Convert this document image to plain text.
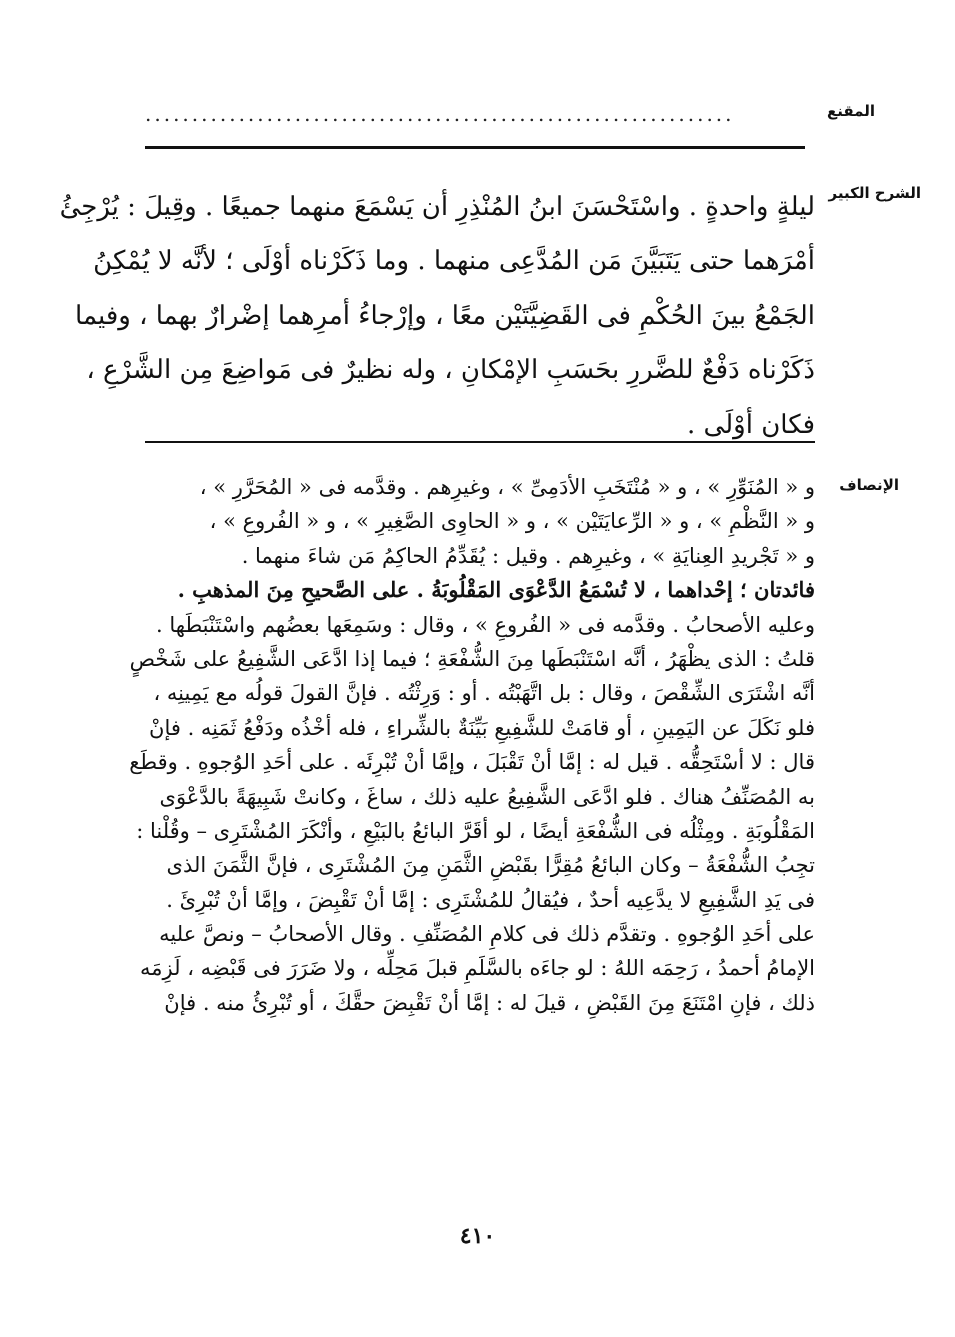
المقنع
...............................................................
الشرح الكبير
ليلةٍ واحدةٍ . واسْتَحْسَنَ ابنُ المُنْذِرِ أن يَسْمَعَ منهما جميعًا . وقِيلَ : يُرْجِئُ
أمْرَهما حتى يَتَبَيَّنَ مَن المُدَّعِى منهما . وما ذَكَرْناه أوْلَى ؛ لأنَّه لا يُمْكِنُ
الجَمْعُ بينَ الحُكْمِ فى القَضِيَّتَيْن معًا ، وإرْجاءُ أمرِهما إضْرارٌ بهما ، وفيما
ذَكَرْناه دَفْعٌ للضَّررِ بحَسَبِ الإمْكانِ ، وله نظيرٌ فى مَواضِعَ مِن الشَّرْعِ ،
فكان أوْلَى .
الإنصاف
و « المُنَوِّرِ » ، و « مُنْتَخَبِ الأدَمِىِّ » ، وغيرِهم . وقدَّمه فى « المُحَرَّرِ » ،
و « النَّظْمِ » ، و « الرِّعايَتَيْن » ، و « الحاوِى الصَّغِيرِ » ، و « الفُروعِ » ،
و « تَجْريدِ العِنايَةِ » ، وغيرِهم . وقيل : يُقَدِّمُ الحاكِمُ مَن شاءَ منهما .
فائدتان ؛ إحْداهما ، لا تُسْمَعُ الدَّعْوَى المَقْلُوبَةُ . على الصَّحيحِ مِنَ المذهبِ .
وعليه الأصحابُ . وقدَّمه فى « الفُروعِ » ، وقال : وسَمِعَها بعضُهم واسْتَنْبَطَها .
قلتُ : الذى يظْهَرُ ، أنَّه اسْتَنْبَطَها مِنَ الشُّفْعَةِ ؛ فيما إذا ادَّعَى الشَّفِيعُ على شَخْصٍ
أنَّه اشْتَرَى الشِّقْصَ ، وقال : بل اتَّهَبْتُه . أو : وَرِثْتُه . فإنَّ القولَ قولُه مع يَمِينِه ،
فلو نَكَلَ عن اليَمِينِ ، أو قامَتْ للشَّفِيعِ بَيِّنَةٌ بالشِّراءِ ، فله أخْذُه ودَفْعُ ثَمَنِه . فإنْ
قال : لا أسْتَحِقُّه . قيل له : إمَّا أنْ تَقْبَلَ ، وإمَّا أنْ تُبْرِئَه . على أحَدِ الوُجوهِ . وقطَع
به المُصَنِّفُ هناك . فلو ادَّعَى الشَّفِيعُ عليه ذلك ، ساغَ ، وكانتْ شَبِيهَةً بالدَّعْوَى
المَقْلُوبَةِ . ومِثْلُه فى الشُّفْعَةِ أيضًا ، لو أقَرَّ البائعُ بالبَيْعِ ، وأنْكَرَ المُشْتَرِى – وقُلْنا :
تجِبُ الشُّفْعَةُ – وكان البائعُ مُقِرًّا بقَبْضِ الثَّمَنِ مِنَ المُشْتَرِى ، فإنَّ الثَّمَنَ الذى
فى يَدِ الشَّفِيعِ لا يدَّعِيه أحدٌ ، فيُقالُ للمُشْتَرِى : إمَّا أنْ تَقْبِضَ ، وإمَّا أنْ تُبْرِئَ .
على أحَدِ الوُجوهِ . وتقدَّم ذلك فى كلامِ المُصَنِّفِ . وقال الأصحابُ – ونصَّ عليه
الإمامُ أحمدُ ، رَحِمَه اللهُ : لو جاءَه بالسَّلَمِ قبلَ مَحِلِّه ، ولا ضَرَرَ فى قَبْضِه ، لَزِمَه
ذلك ، فإنِ امْتَنَعَ مِنَ القَبْضِ ، قيلَ له : إمَّا أنْ تَقْبِضَ حقَّكَ ، أو تُبْرِئُ منه . فإنْ
٤١٠
